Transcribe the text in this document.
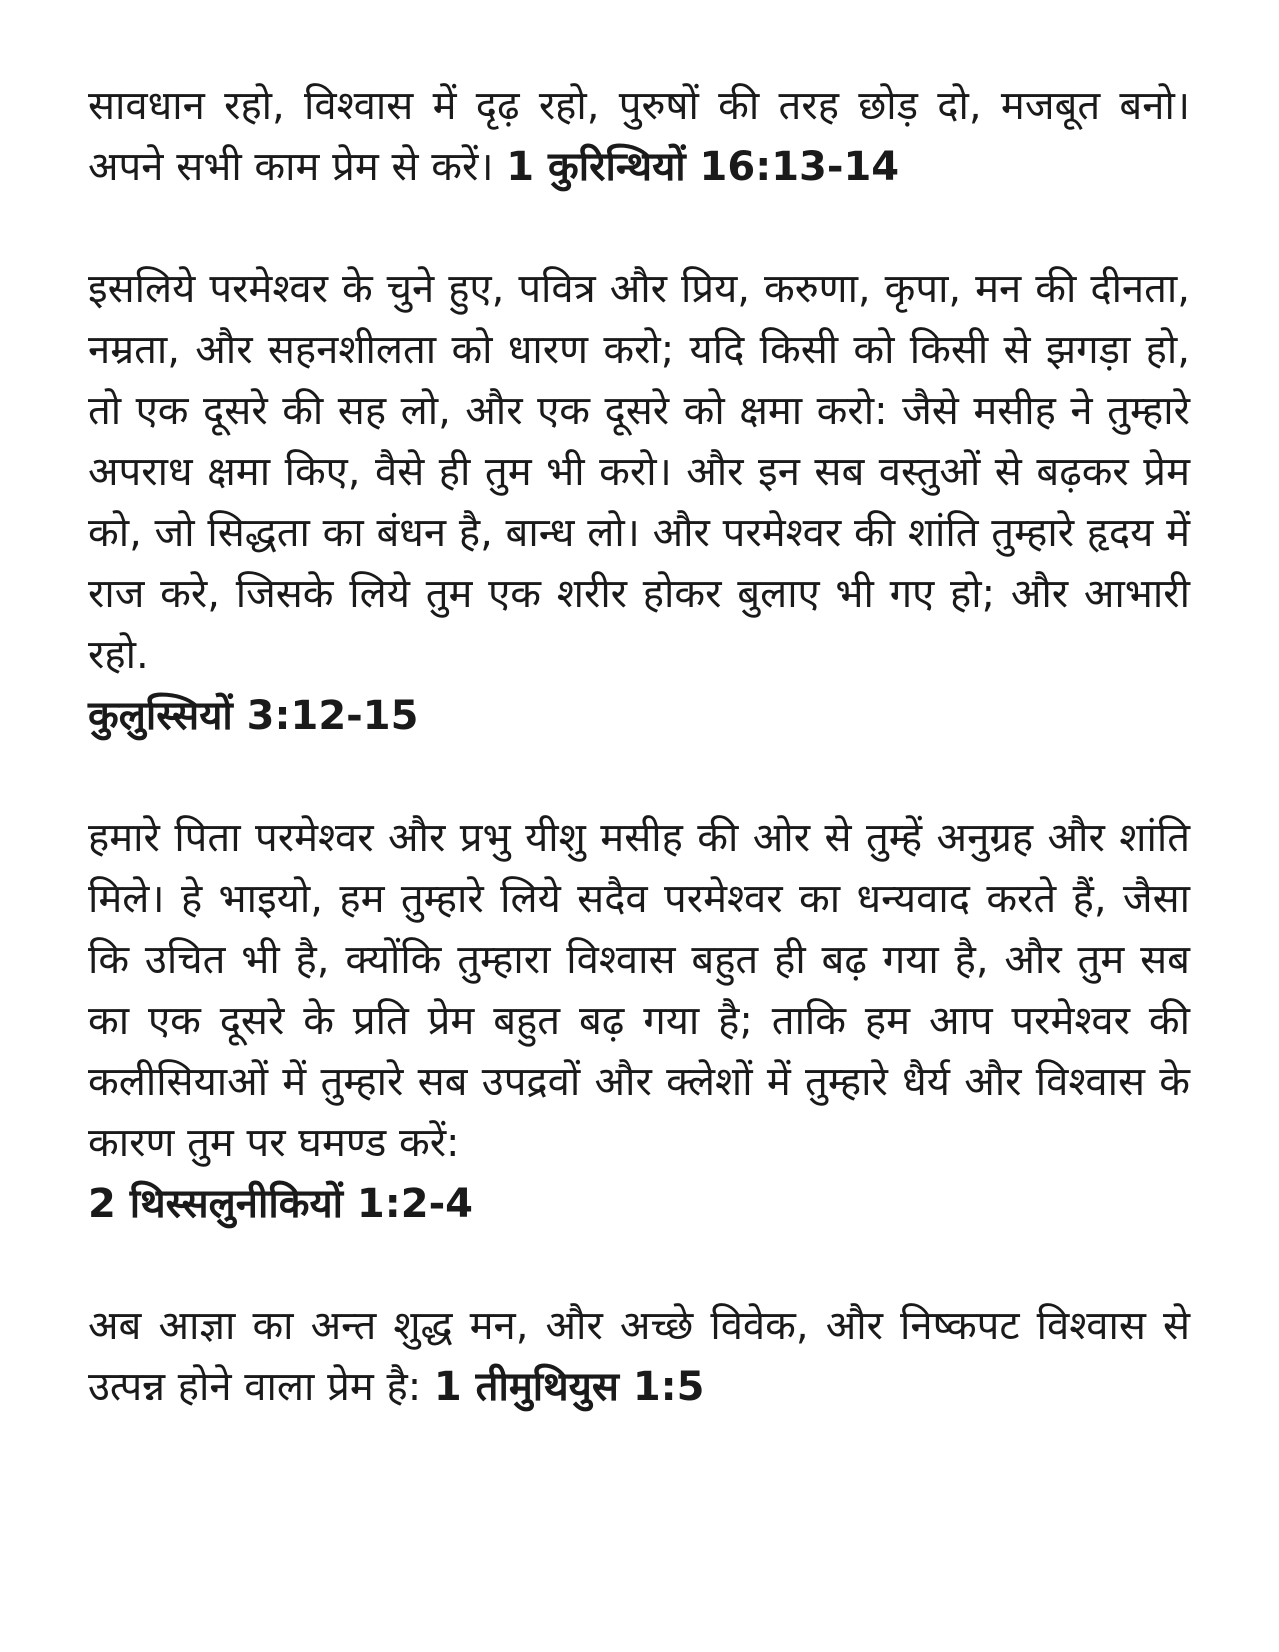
सावधान रहो, विश्वास में दृढ़ रहो, पुरुषों की तरह छोड़ दो, मजबूत बनो। अपने सभी काम प्रेम से करें। 1 कुरिन्थियों 16:13-14

इसलिये परमेश्वर के चुने हुए, पवित्र और प्रिय, करुणा, कृपा, मन की दीनता, नम्रता, और सहनशीलता को धारण करो; यदि किसी को किसी से झगड़ा हो, तो एक दूसरे की सह लो, और एक दूसरे को क्षमा करो: जैसे मसीह ने तुम्हारे अपराध क्षमा किए, वैसे ही तुम भी करो। और इन सब वस्तुओं से बढ़कर प्रेम को, जो सिद्धता का बंधन है, बान्ध लो। और परमेश्वर की शांति तुम्हारे हृदय में राज करे, जिसके लिये तुम एक शरीर होकर बुलाए भी गए हो; और आभारी रहो.
कुलुस्सियों 3:12-15

हमारे पिता परमेश्वर और प्रभु यीशु मसीह की ओर से तुम्हें अनुग्रह और शांति मिले। हे भाइयो, हम तुम्हारे लिये सदैव परमेश्वर का धन्यवाद करते हैं, जैसा कि उचित भी है, क्योंकि तुम्हारा विश्वास बहुत ही बढ़ गया है, और तुम सब का एक दूसरे के प्रति प्रेम बहुत बढ़ गया है; ताकि हम आप परमेश्वर की कलीसियाओं में तुम्हारे सब उपद्रवों और क्लेशों में तुम्हारे धैर्य और विश्वास के कारण तुम पर घमण्ड करें:
2 थिस्सलुनीकियों 1:2-4

अब आज्ञा का अन्त शुद्ध मन, और अच्छे विवेक, और निष्कपट विश्वास से उत्पन्न होने वाला प्रेम है: 1 तीमुथियुस 1:5
